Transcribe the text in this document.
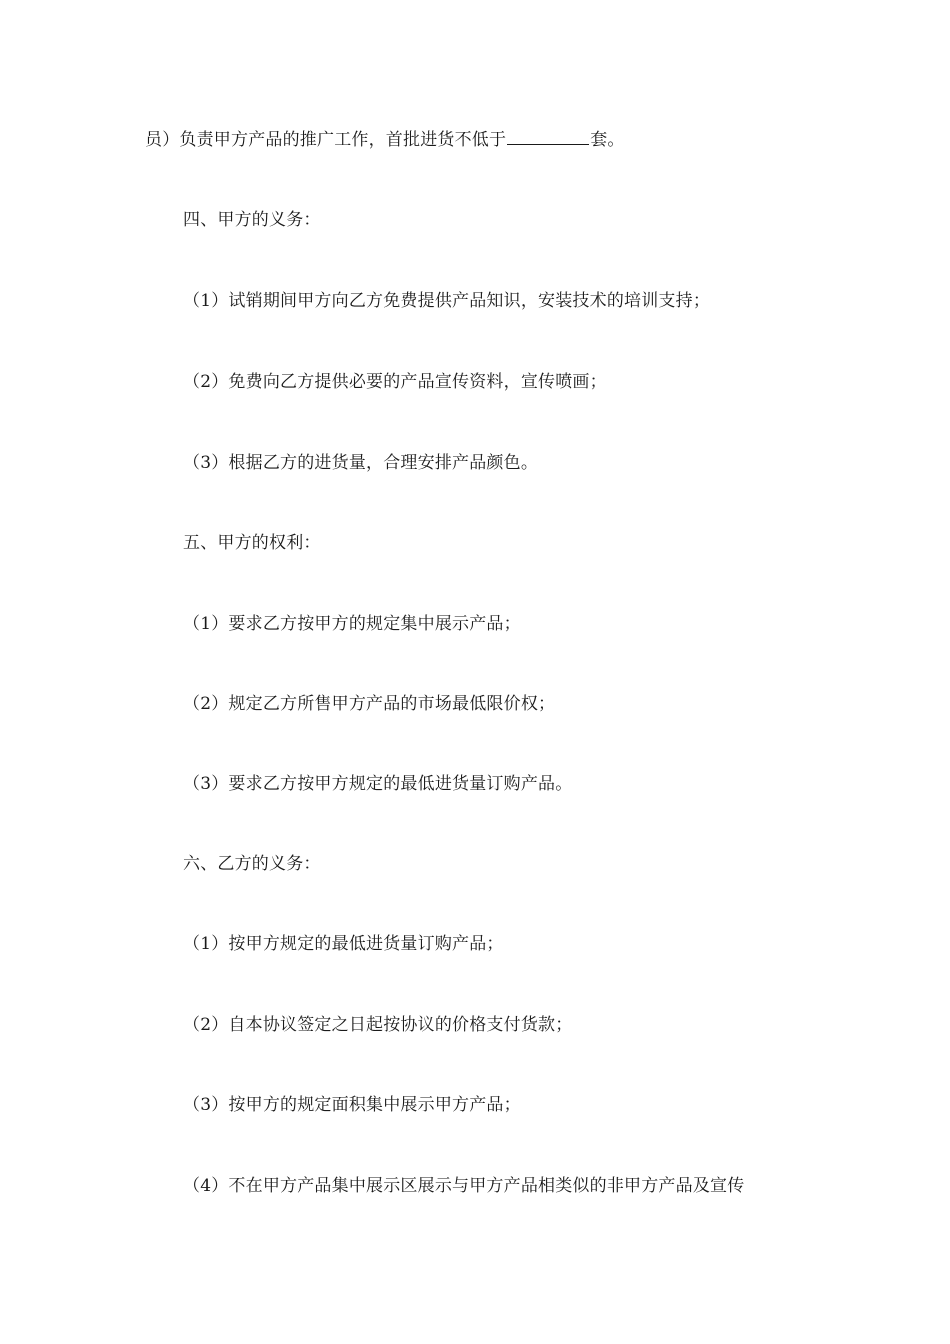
员）负责甲方产品的推广工作，首批进货不低于	套。
四、甲方的义务：
（1）试销期间甲方向乙方免费提供产品知识，安装技术的培训支持；
（2）免费向乙方提供必要的产品宣传资料，宣传喷画；
（3）根据乙方的进货量，合理安排产品颜色。
五、甲方的权利：
（1）要求乙方按甲方的规定集中展示产品；
（2）规定乙方所售甲方产品的市场最低限价权；
（3）要求乙方按甲方规定的最低进货量订购产品。
六、乙方的义务：
（1）按甲方规定的最低进货量订购产品；
（2）自本协议签定之日起按协议的价格支付货款；
（3）按甲方的规定面积集中展示甲方产品；
（4）不在甲方产品集中展示区展示与甲方产品相类似的非甲方产品及宣传
